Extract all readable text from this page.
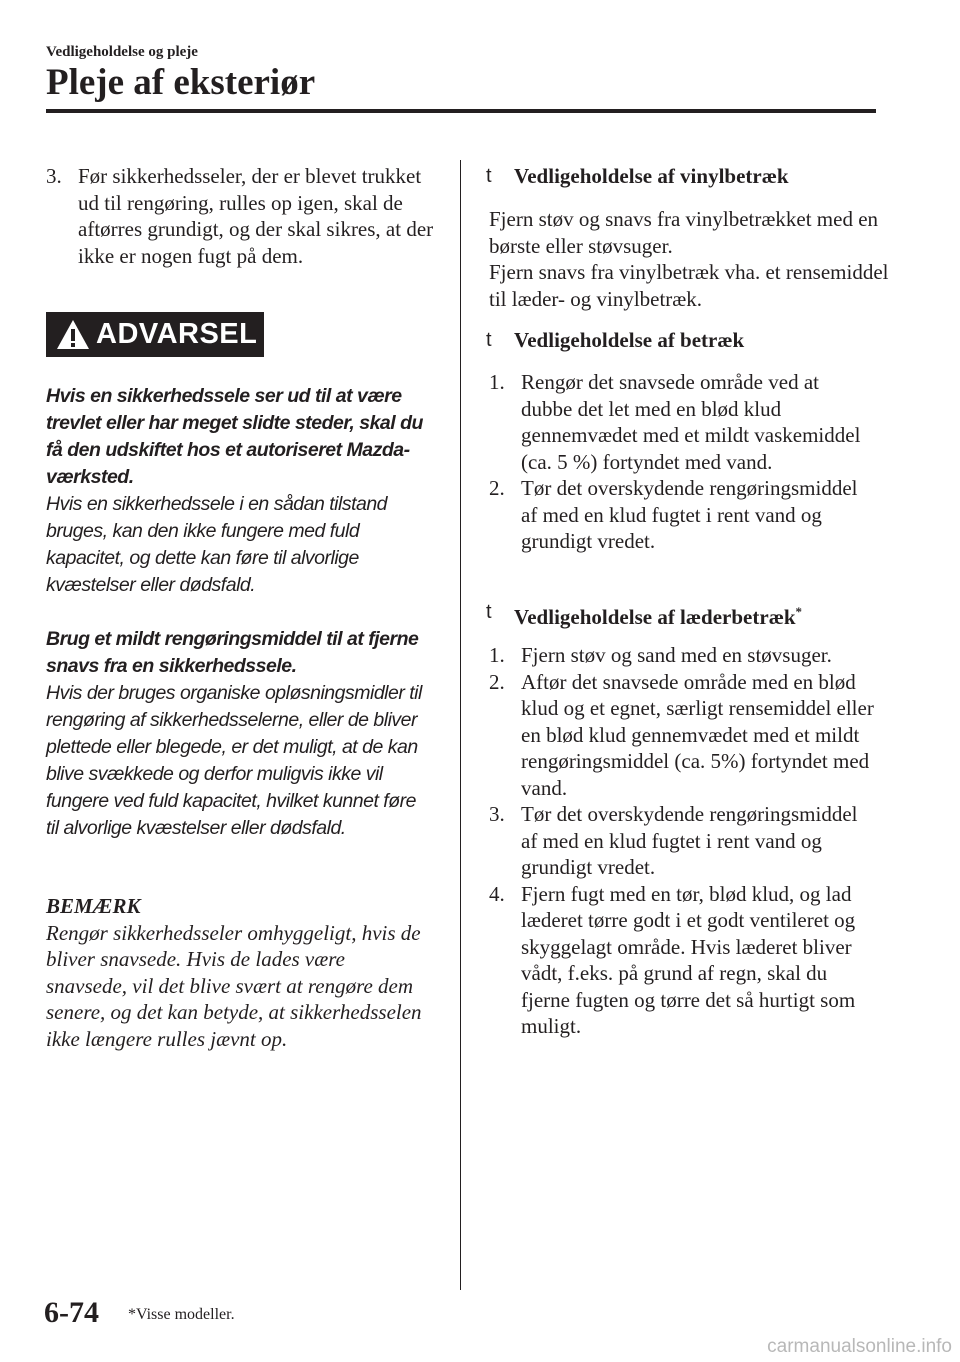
Vedligeholdelse og pleje
Pleje af eksteriør
3. Før sikkerhedsseler, der er blevet trukket ud til rengøring, rulles op igen, skal de aftørres grundigt, og der skal sikres, at der ikke er nogen fugt på dem.
ADVARSEL

Hvis en sikkerhedssele ser ud til at være trevlet eller har meget slidte steder, skal du få den udskiftet hos et autoriseret Mazda-værksted.

Hvis en sikkerhedssele i en sådan tilstand bruges, kan den ikke fungere med fuld kapacitet, og dette kan føre til alvorlige kvæstelser eller dødsfald.

Brug et mildt rengøringsmiddel til at fjerne snavs fra en sikkerhedssele.

Hvis der bruges organiske opløsningsmidler til rengøring af sikkerhedsselerne, eller de bliver plettede eller blegede, er det muligt, at de kan blive svækkede og derfor muligvis ikke vil fungere ved fuld kapacitet, hvilket kunnet føre til alvorlige kvæstelser eller dødsfald.

BEMÆRK

Rengør sikkerhedsseler omhyggeligt, hvis de bliver snavsede. Hvis de lades være snavsede, vil det blive svært at rengøre dem senere, og det kan betyde, at sikkerhedsselen ikke længere rulles jævnt op.

t	Vedligeholdelse af vinylbetræk

Fjern støv og snavs fra vinylbetrækket med en børste eller støvsuger.

Fjern snavs fra vinylbetræk vha. et rensemiddel til læder- og vinylbetræk.

t	Vedligeholdelse af betræk
1. Rengør det snavsede område ved at dubbe det let med en blød klud gennemvædet med et mildt vaskemiddel (ca. 5 %) fortyndet med vand.
2. Tør det overskydende rengøringsmiddel af med en klud fugtet i rent vand og grundigt vredet.
t	Vedligeholdelse af læderbetræk*
1. Fjern støv og sand med en støvsuger.
2. Aftør det snavsede område med en blød klud og et egnet, særligt rensemiddel eller en blød klud gennemvædet med et mildt rengøringsmiddel (ca. 5%) fortyndet med vand.
3. Tør det overskydende rengøringsmiddel af med en klud fugtet i rent vand og grundigt vredet.
4. Fjern fugt med en tør, blød klud, og lad læderet tørre godt i et godt ventileret og skyggelagt område. Hvis læderet bliver vådt, f.eks. på grund af regn, skal du fjerne fugten og tørre det så hurtigt som muligt.
6-74 *Visse modeller.
carmanualsonline.info
